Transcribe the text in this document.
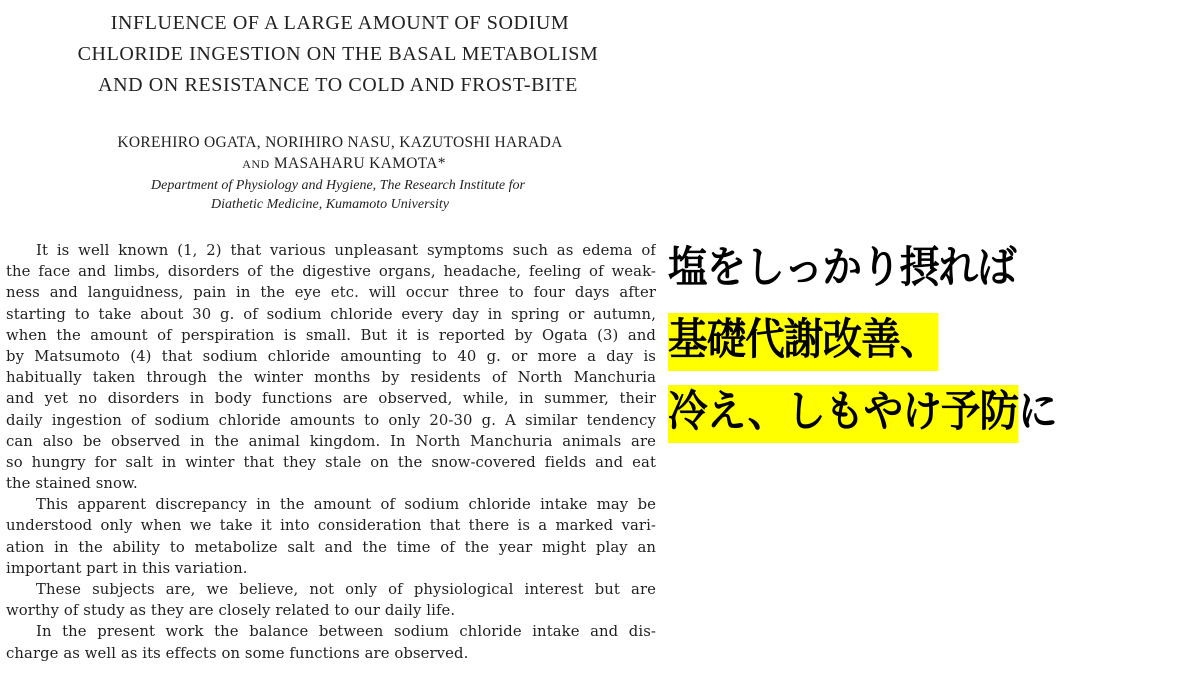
INFLUENCE OF A LARGE AMOUNT OF SODIUM
CHLORIDE INGESTION ON THE BASAL METABOLISM
AND ON RESISTANCE TO COLD AND FROST-BITE
KOREHIRO OGATA, NORIHIRO NASU, KAZUTOSHI HARADA
AND MASAHARU KAMOTA*
Department of Physiology and Hygiene, The Research Institute for
Diathetic Medicine, Kumamoto University
It is well known (1, 2) that various unpleasant symptoms such as edema of
the face and limbs, disorders of the digestive organs, headache, feeling of weak-
ness and languidness, pain in the eye etc. will occur three to four days after
starting to take about 30 g. of sodium chloride every day in spring or autumn,
when the amount of perspiration is small. But it is reported by Ogata (3) and
by Matsumoto (4) that sodium chloride amounting to 40 g. or more a day is
habitually taken through the winter months by residents of North Manchuria
and yet no disorders in body functions are observed, while, in summer, their
daily ingestion of sodium chloride amounts to only 20-30 g. A similar tendency
can also be observed in the animal kingdom. In North Manchuria animals are
so hungry for salt in winter that they stale on the snow-covered fields and eat
the stained snow.
This apparent discrepancy in the amount of sodium chloride intake may be
understood only when we take it into consideration that there is a marked vari-
ation in the ability to metabolize salt and the time of the year might play an
important part in this variation.
These subjects are, we believe, not only of physiological interest but are
worthy of study as they are closely related to our daily life.
In the present work the balance between sodium chloride intake and dis-
charge as well as its effects on some functions are observed.
塩をしっかり摂れば
基礎代謝改善、
冷え、しもやけ予防に
